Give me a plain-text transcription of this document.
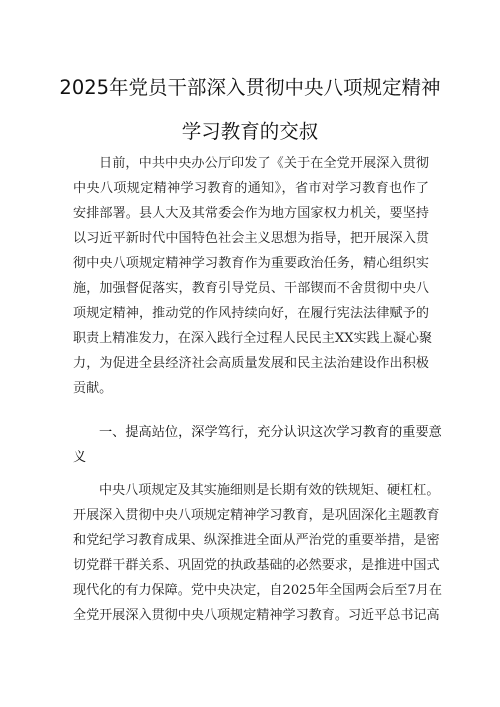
2025年党员干部深入贯彻中央八项规定精神
学习教育的交叔
日前，中共中央办公厅印发了《关于在全党开展深入贯彻
中央八项规定精神学习教育的通知》，省市对学习教育也作了
安排部署。县人大及其常委会作为地方国家权力机关，要坚持
以习近平新时代中国特色社会主义思想为指导，把开展深入贯
彻中央八项规定精神学习教育作为重要政治任务，精心组织实
施，加强督促落实，教育引导党员、干部锲而不舍贯彻中央八
项规定精神，推动党的作风持续向好，在履行宪法法律赋予的
职责上精准发力，在深入践行全过程人民民主XX实践上凝心聚
力，为促进全县经济社会高质量发展和民主法治建设作出积极
贡献。
一、提高站位，深学笃行，充分认识这次学习教育的重要意
义
中央八项规定及其实施细则是长期有效的铁规矩、硬杠杠。
开展深入贯彻中央八项规定精神学习教育，是巩固深化主题教育
和党纪学习教育成果、纵深推进全面从严治党的重要举措，是密
切党群干群关系、巩固党的执政基础的必然要求，是推进中国式
现代化的有力保障。党中央决定，自2025年全国两会后至7月在
全党开展深入贯彻中央八项规定精神学习教育。习近平总书记高
